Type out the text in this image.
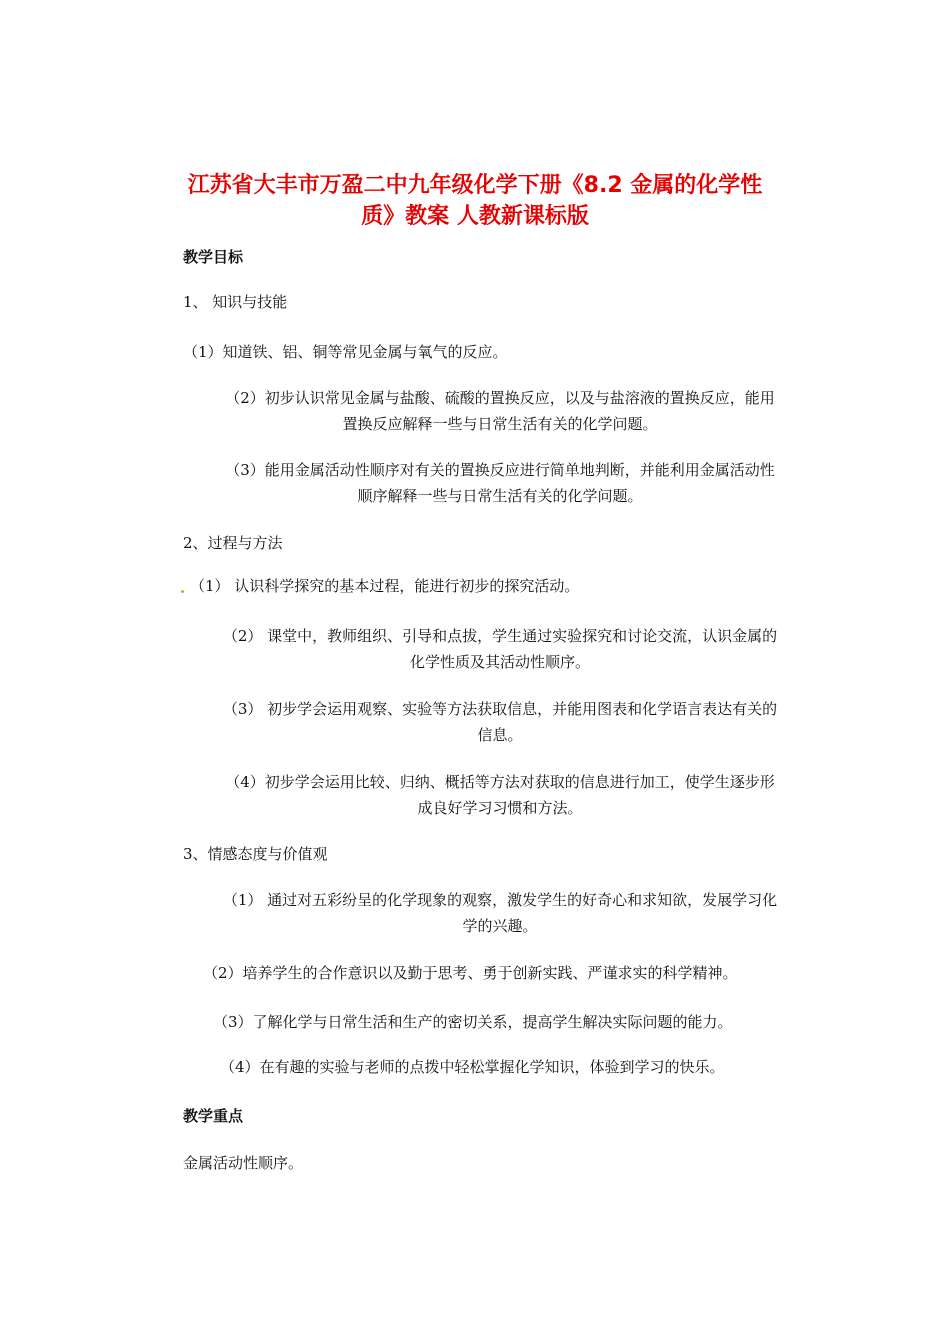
江苏省大丰市万盈二中九年级化学下册《8.2 金属的化学性
质》教案 人教新课标版
教学目标
1、 知识与技能
（1）知道铁、铝、铜等常见金属与氧气的反应。
（2）初步认识常见金属与盐酸、硫酸的置换反应，以及与盐溶液的置换反应，能用
置换反应解释一些与日常生活有关的化学问题。
（3）能用金属活动性顺序对有关的置换反应进行简单地判断，并能利用金属活动性
顺序解释一些与日常生活有关的化学问题。
2、过程与方法
（1） 认识科学探究的基本过程，能进行初步的探究活动。
（2） 课堂中，教师组织、引导和点拔，学生通过实验探究和讨论交流，认识金属的
化学性质及其活动性顺序。
（3） 初步学会运用观察、实验等方法获取信息，并能用图表和化学语言表达有关的
信息。
（4）初步学会运用比较、归纳、概括等方法对获取的信息进行加工，使学生逐步形
成良好学习习惯和方法。
3、情感态度与价值观
（1） 通过对五彩纷呈的化学现象的观察，激发学生的好奇心和求知欲，发展学习化
学的兴趣。
（2）培养学生的合作意识以及勤于思考、勇于创新实践、严谨求实的科学精神。
（3）了解化学与日常生活和生产的密切关系，提高学生解决实际问题的能力。
（4）在有趣的实验与老师的点拨中轻松掌握化学知识，体验到学习的快乐。
教学重点
金属活动性顺序。
